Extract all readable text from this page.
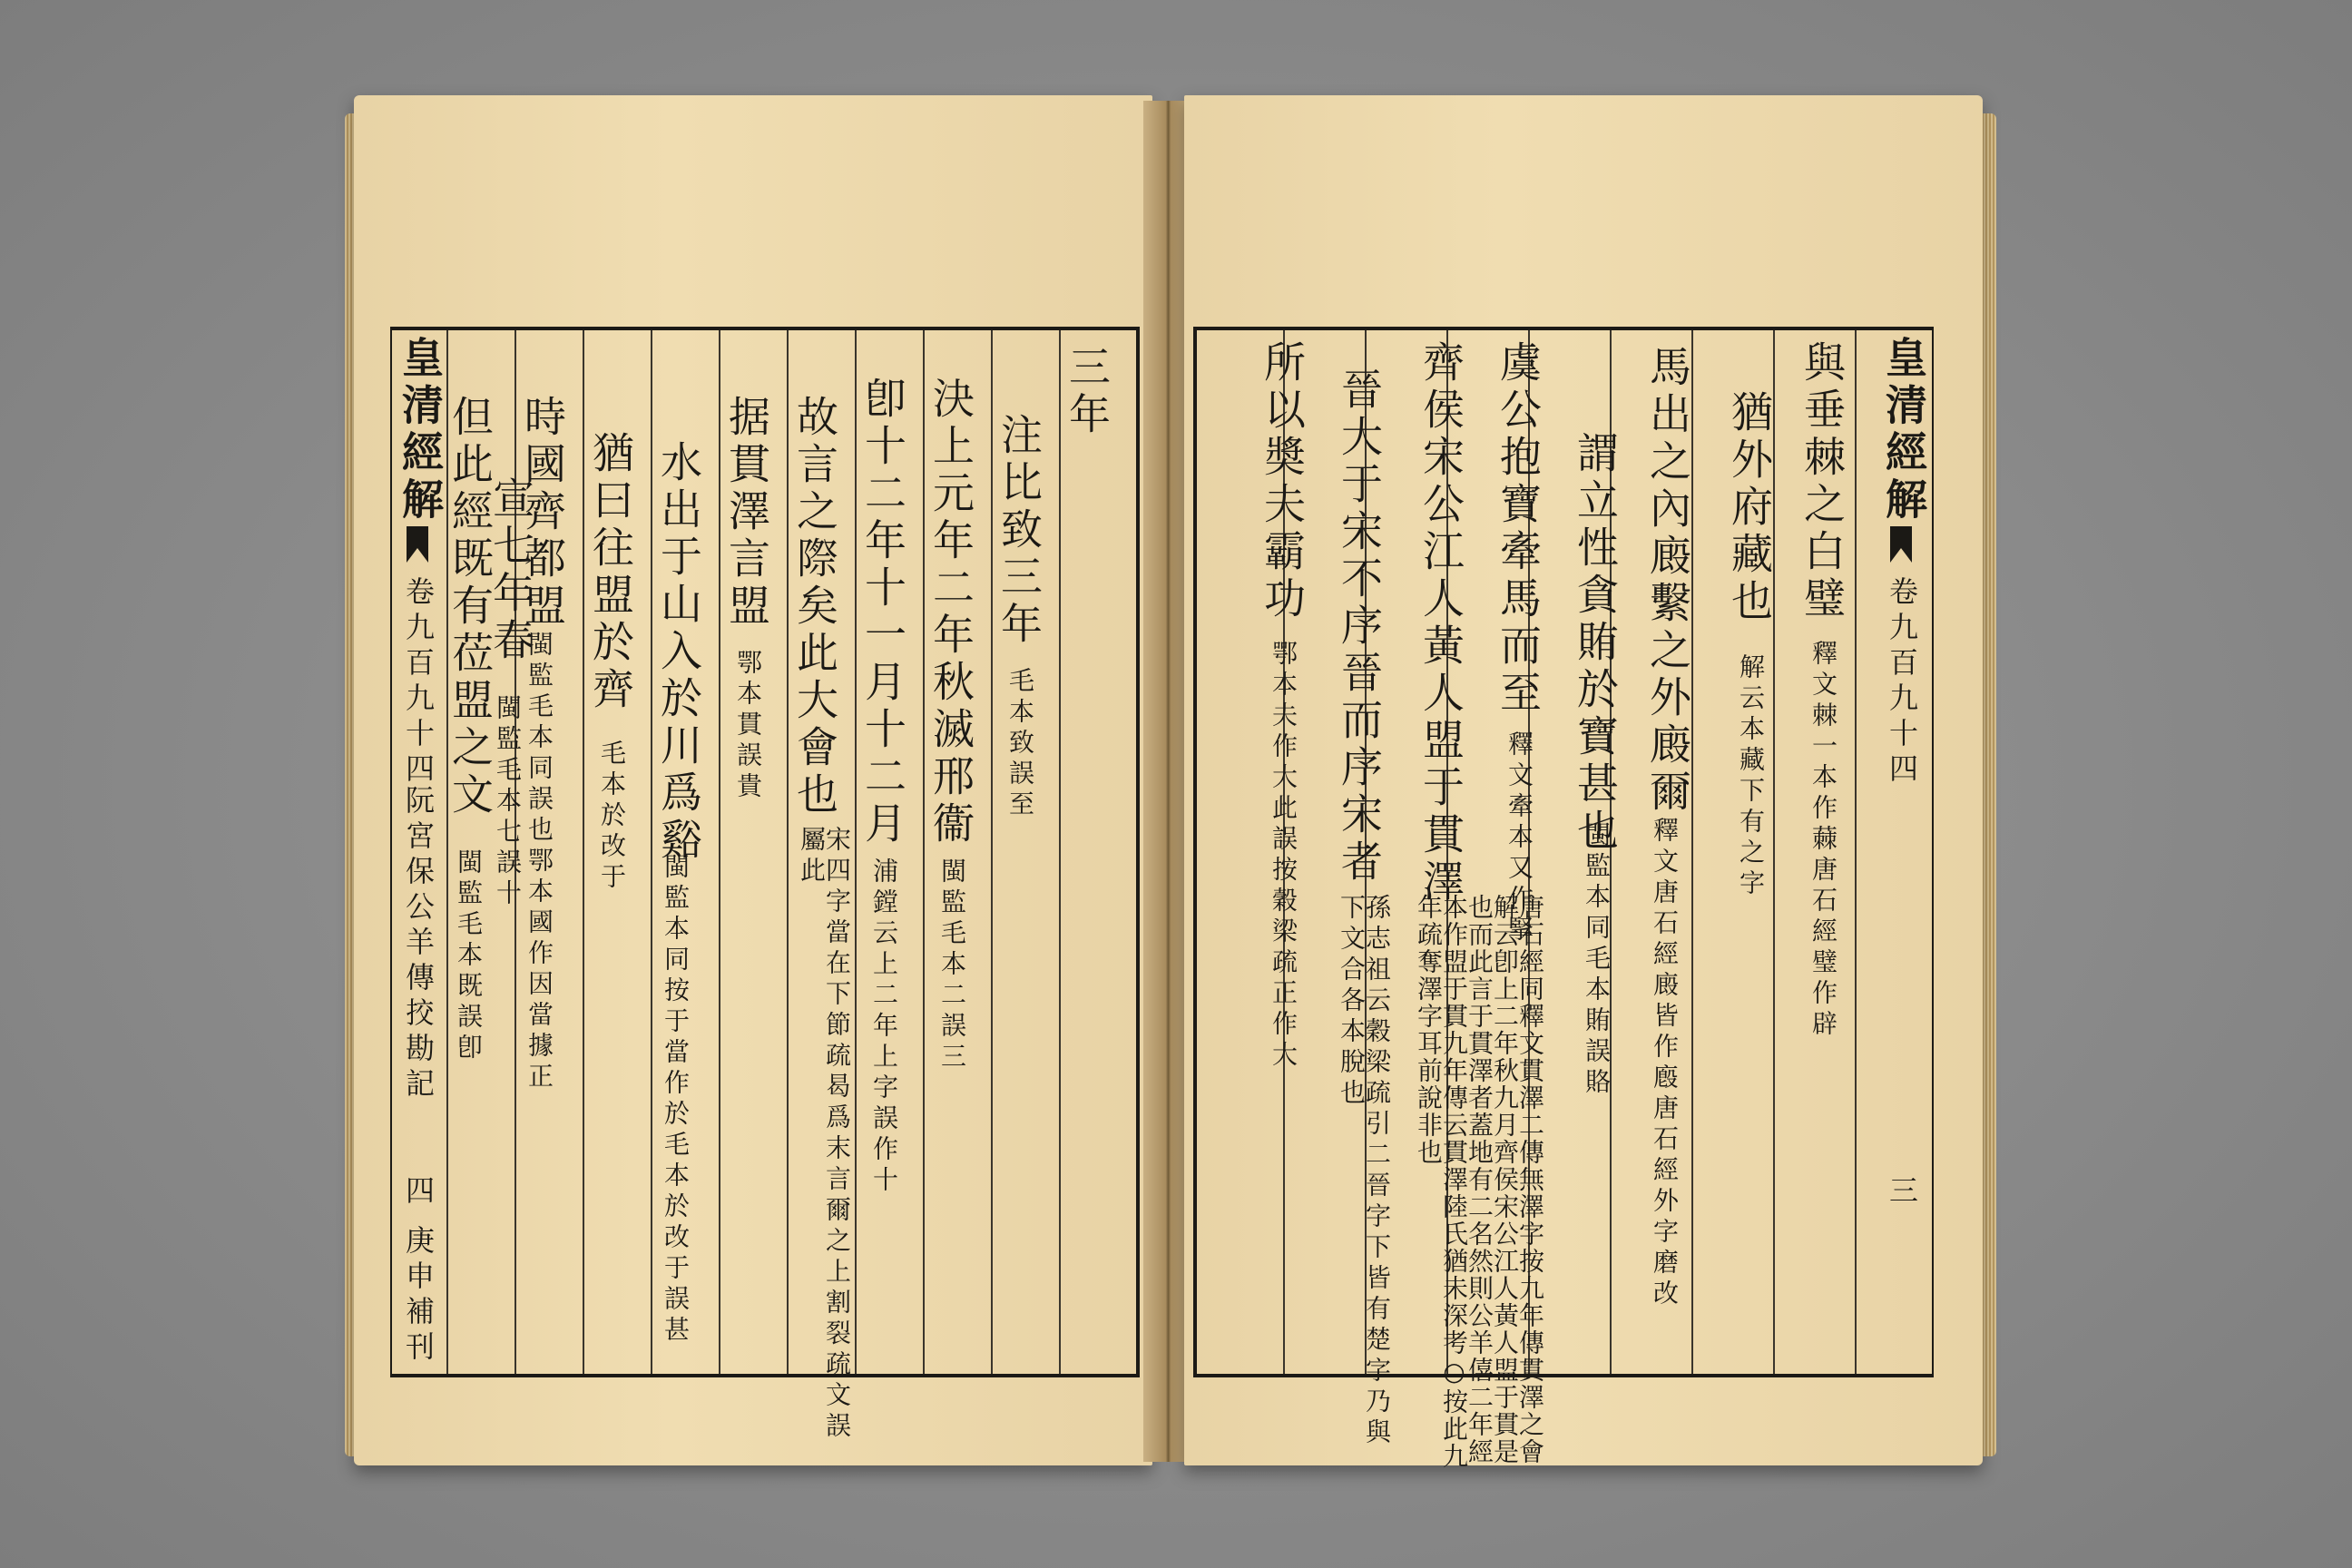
皇清經解
卷九百九十四
阮宮保公羊傳挍勘記
四
庚申補刊
三年
注比致三年
毛本致誤至
決上元年二年秋滅邢衞
閩監毛本二誤三
卽十二年十一月十二月
浦鏜云上二年上字誤作十
故言之際矣此大會也
宋四字當在下節疏曷爲末言爾之上割裂疏文誤屬此
据貫澤言盟
鄂本貫誤貴
水出于山入於川爲谿
閩監本同按于當作於毛本於改于誤甚
猶曰往盟於齊
毛本於改于
時國齊都盟
閩監毛本同誤也鄂本國作因當據正
宣七年春
閩監毛本七誤十
但此經既有莅盟之文
閩監毛本既誤卽
皇清經解
卷九百九十四
三
與垂棘之白璧
釋文棘一本作蕀唐石經璧作辟
猶外府藏也
解云本藏下有之字
馬出之內廄繫之外廄爾
釋文唐石經廄皆作廏唐石經外字磨改
謂立性貪賄於寶甚也
閩監本同毛本賄誤賂
虞公抱寶牽馬而至
釋文牽本又作掔
齊侯宋公江人黃人盟于貫澤
唐石經同釋文貫澤二傳無澤字按九年傳貫澤之會解云卽上二年秋九月齊侯宋公江人黃人盟于貫是也而此言于貫澤者蓋地有二名然則公羊僖二年經本作盟于貫九年傳云貫澤陸氏猶未深考○按此九年疏奪澤字耳前說非也
晉大于宋不序晉而序宋者
孫志祖云穀梁疏引二晉字下皆有楚字乃與下文合各本脫也
所以奬夫霸功
鄂本夫作大此誤按穀梁疏正作大
